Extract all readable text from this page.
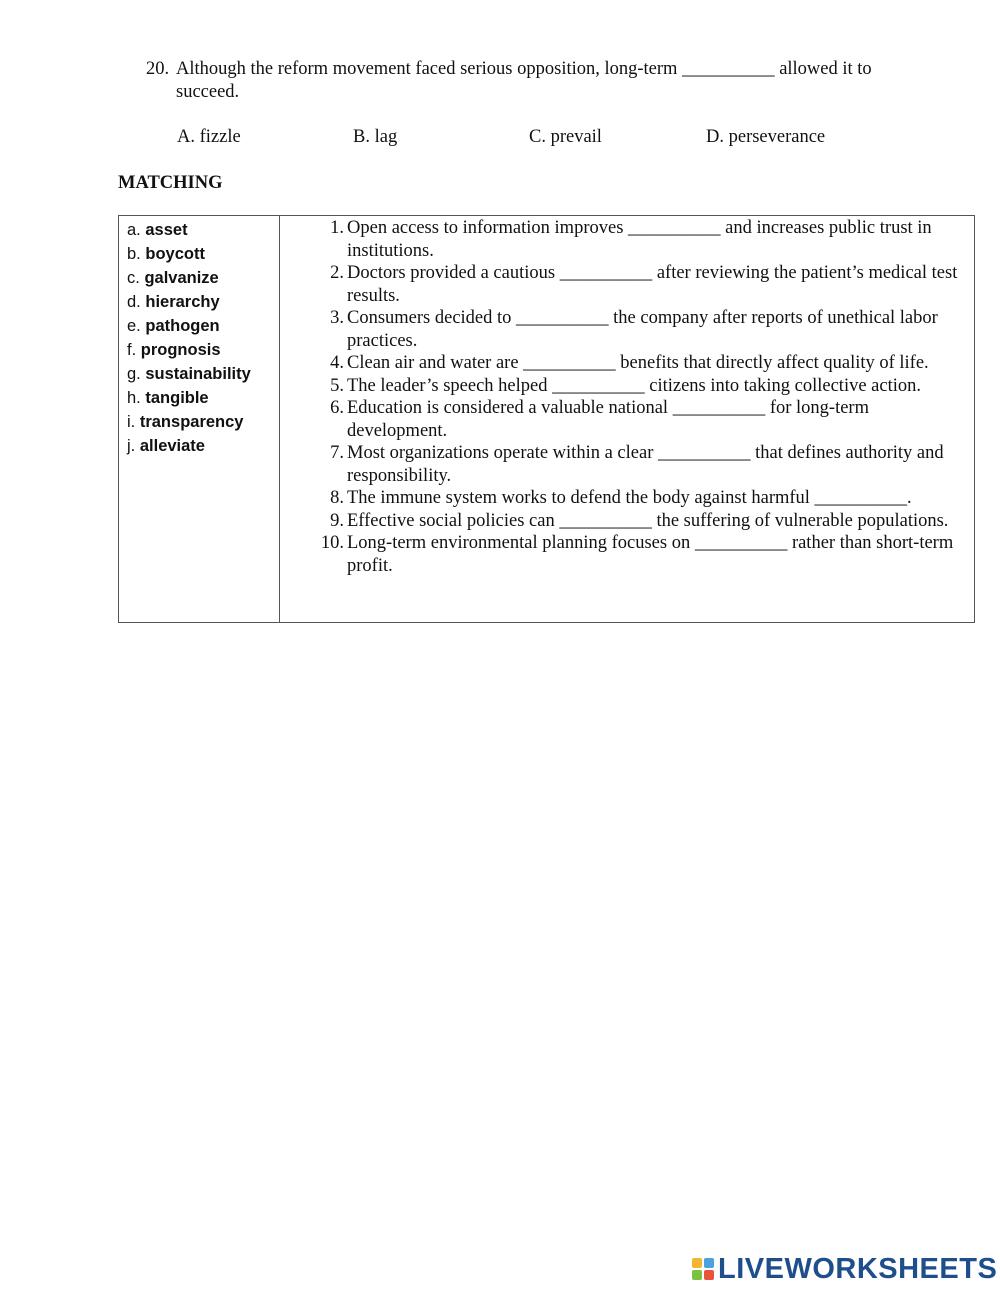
20. Although the reform movement faced serious opposition, long-term __________ allowed it to succeed.
A. fizzle	B. lag	C. prevail	D. perseverance
MATCHING
a. asset
b. boycott
c. galvanize
d. hierarchy
e. pathogen
f. prognosis
g. sustainability
h. tangible
i. transparency
j. alleviate
1. Open access to information improves __________ and increases public trust in institutions.
2. Doctors provided a cautious __________ after reviewing the patient’s medical test results.
3. Consumers decided to __________ the company after reports of unethical labor practices.
4. Clean air and water are __________ benefits that directly affect quality of life.
5. The leader’s speech helped __________ citizens into taking collective action.
6. Education is considered a valuable national __________ for long-term development.
7. Most organizations operate within a clear __________ that defines authority and responsibility.
8. The immune system works to defend the body against harmful __________.
9. Effective social policies can __________ the suffering of vulnerable populations.
10. Long-term environmental planning focuses on __________ rather than short-term profit.
LIVEWORKSHEETS
